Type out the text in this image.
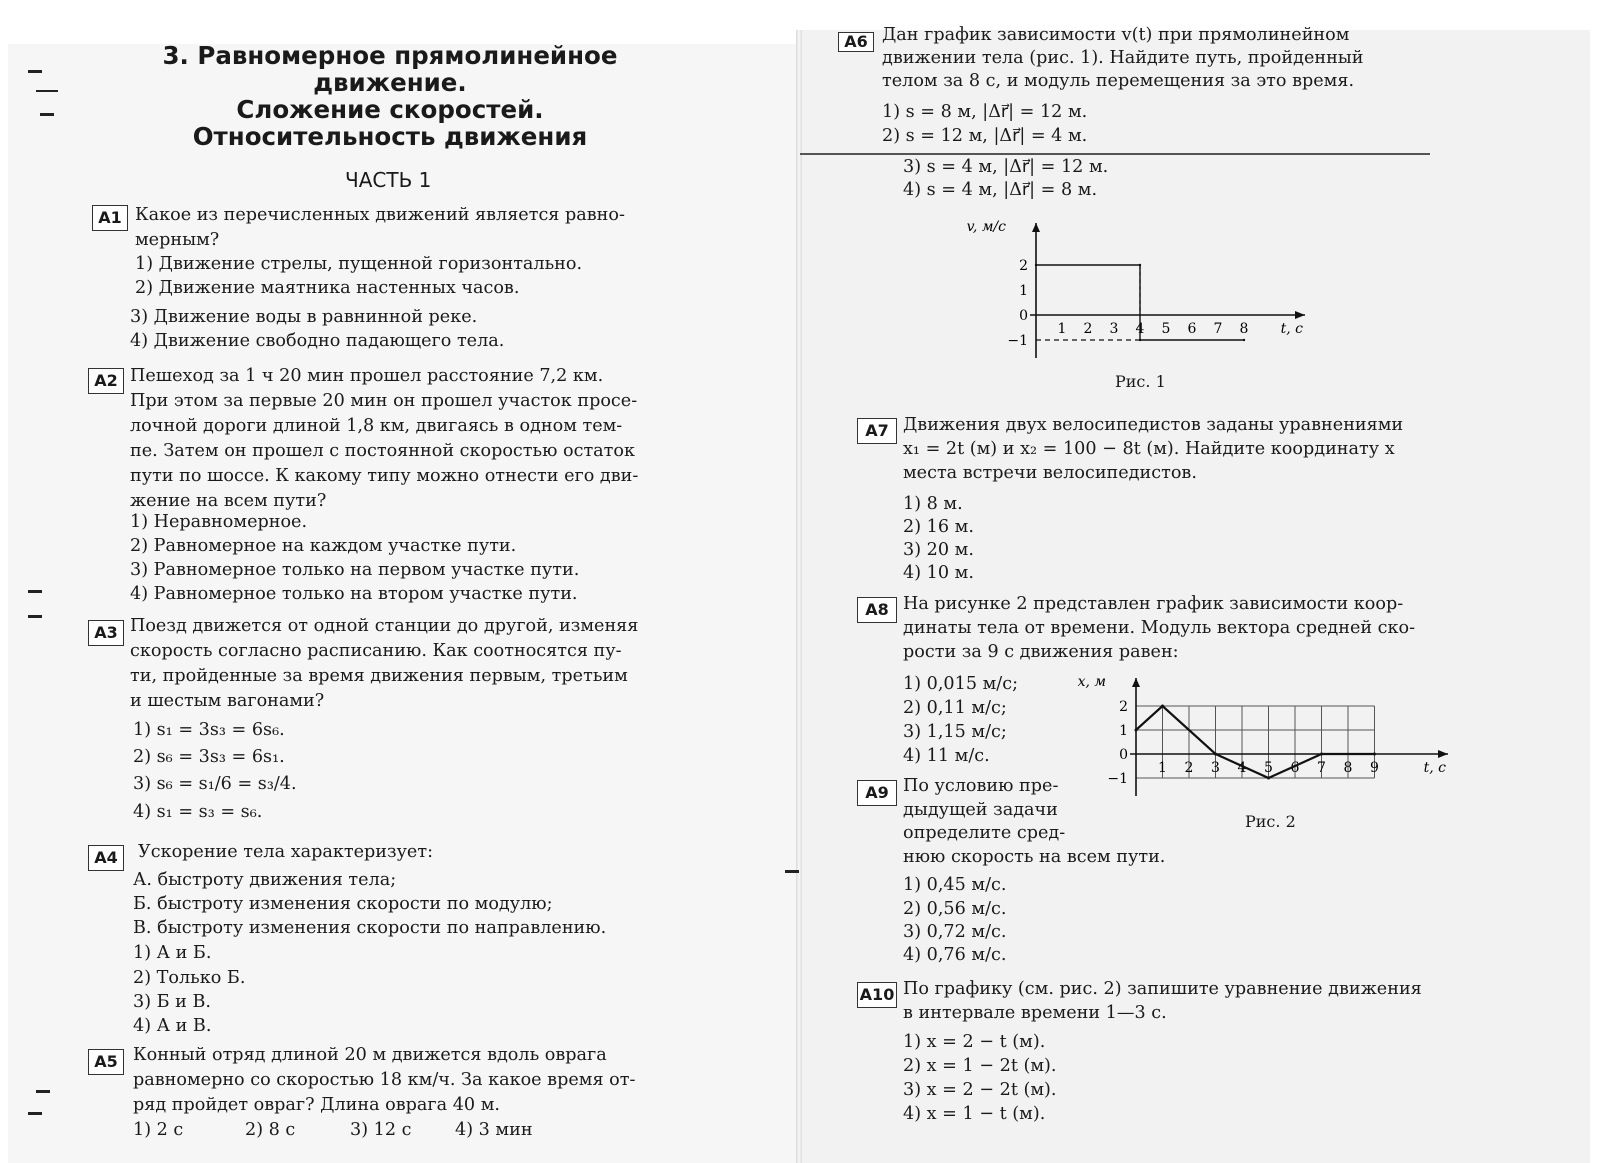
3. Равномерное прямолинейное
движение.
Сложение скоростей.
Относительность движения
ЧАСТЬ 1
A1 Какое из перечисленных движений является равно-
мерным?
1) Движение стрелы, пущенной горизонтально.
2) Движение маятника настенных часов.
3) Движение воды в равнинной реке.
4) Движение свободно падающего тела.
A2 Пешеход за 1 ч 20 мин прошел расстояние 7,2 км.
При этом за первые 20 мин он прошел участок просе-
лочной дороги длиной 1,8 км, двигаясь в одном тем-
пе. Затем он прошел с постоянной скоростью остаток
пути по шоссе. К какому типу можно отнести его дви-
жение на всем пути?
1) Неравномерное.
2) Равномерное на каждом участке пути.
3) Равномерное только на первом участке пути.
4) Равномерное только на втором участке пути.
A3 Поезд движется от одной станции до другой, изменяя
скорость согласно расписанию. Как соотносятся пу-
ти, пройденные за время движения первым, третьим
и шестым вагонами?
1) s₁ = 3s₃ = 6s₆.
2) s₆ = 3s₃ = 6s₁.
3) s₆ = s₁/6 = s₃/4.
4) s₁ = s₃ = s₆.
A4	Ускорение тела характеризует:
А. быстроту движения тела;
Б. быстроту изменения скорости по модулю;
В. быстроту изменения скорости по направлению.
1) А и Б.
2) Только Б.
3) Б и В.
4) А и В.
A5 Конный отряд длиной 20 м движется вдоль оврага
равномерно со скоростью 18 км/ч. За какое время от-
ряд пройдет овраг? Длина оврага 40 м.
1) 2 с	2) 8 с	3) 12 с 4) 3 мин
A6 Дан график зависимости v(t) при прямолинейном
движении тела (рис. 1). Найдите путь, пройденный
телом за 8 с, и модуль перемещения за это время.
1) s = 8 м, |Δr⃗| = 12 м.
2) s = 12 м, |Δr⃗| = 4 м.
3) s = 4 м, |Δr⃗| = 12 м.
4) s = 4 м, |Δr⃗| = 8 м.
1 2 3 4 5 6 7 8
−1
0
1
2
v, м/с
t, с
Рис. 1
A7 Движения двух велосипедистов заданы уравнениями
x₁ = 2t (м) и x₂ = 100 − 8t (м). Найдите координату x
места встречи велосипедистов.
1) 8 м.
2) 16 м.
3) 20 м.
4) 10 м.
A8 На рисунке 2 представлен график зависимости коор-
динаты тела от времени. Модуль вектора средней ско-
рости за 9 с движения равен:
1) 0,015 м/с;
2) 0,11 м/с;
3) 1,15 м/с;
4) 11 м/с.
1 2 3 4 5 6 7 8 9
−1
0
1
2
x, м
t, с
Рис. 2
A9 По условию пре-
дыдущей задачи
определите сред-
нюю скорость на всем пути.
1) 0,45 м/с.
2) 0,56 м/с.
3) 0,72 м/с.
4) 0,76 м/с.
A10 По графику (см. рис. 2) запишите уравнение движения
в интервале времени 1—3 с.
1) x = 2 − t (м).
2) x = 1 − 2t (м).
3) x = 2 − 2t (м).
4) x = 1 − t (м).
